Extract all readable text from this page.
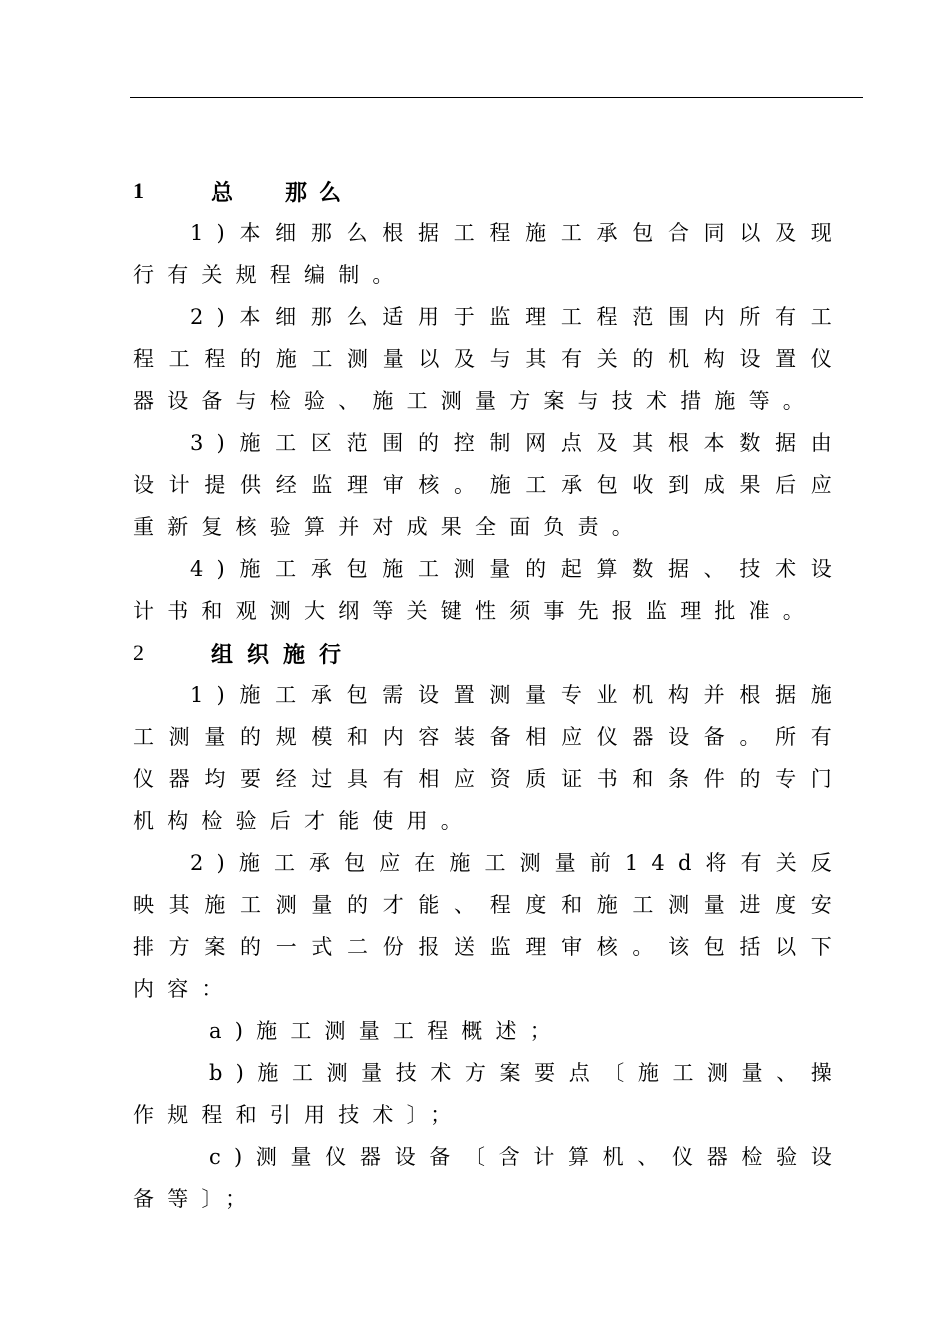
1	总 那么

1)本细那么根据工程施工承包合同以及现行有关规程编制。

2)本细那么适用于监理工程范围内所有工程工程的施工测量以及与其有关的机构设置仪器设备与检验、施工测量方案与技术措施等。

3)施工区范围的控制网点及其根本数据由设计提供经监理审核。施工承包收到成果后应重新复核验算并对成果全面负责。

4)施工承包施工测量的起算数据、技术设计书和观测大纲等关键性须事先报监理批准。

2	组织施行

1)施工承包需设置测量专业机构并根据施工测量的规模和内容装备相应仪器设备。所有仪器均要经过具有相应资质证书和条件的专门机构检验后才能使用。

2)施工承包应在施工测量前14d将有关反映其施工测量的才能、程度和施工测量进度安排方案的一式二份报送监理审核。该包括以下内容：

a)施工测量工程概述；

b)施工测量技术方案要点〔施工测量、操作规程和引用技术〕；

c)测量仪器设备〔含计算机、仪器检验设备等〕；
